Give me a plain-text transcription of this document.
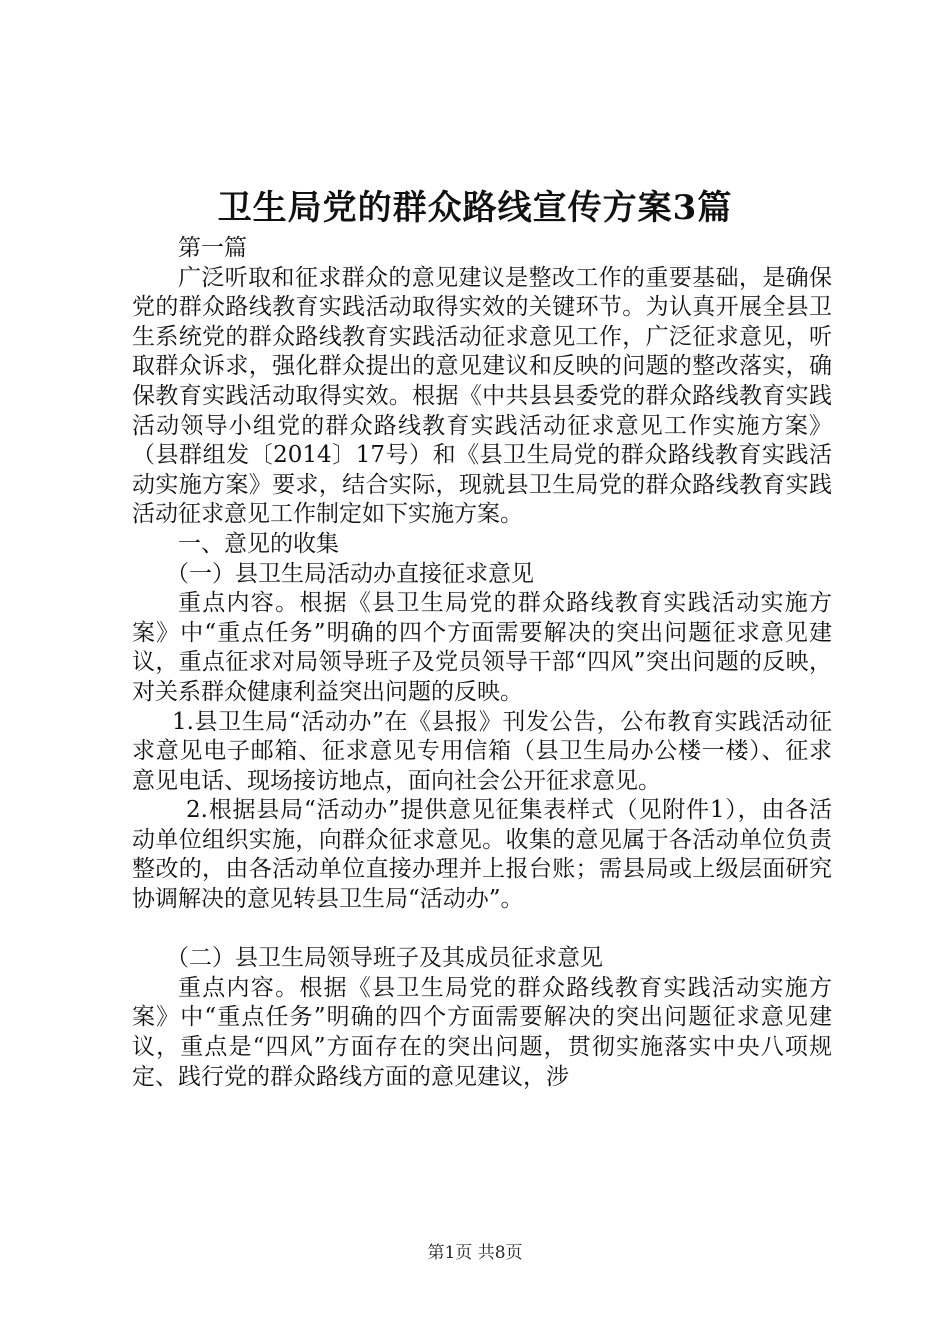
卫生局党的群众路线宣传方案3篇

第一篇

广泛听取和征求群众的意见建议是整改工作的重要基础，是确保党的群众路线教育实践活动取得实效的关键环节。为认真开展全县卫生系统党的群众路线教育实践活动征求意见工作，广泛征求意见，听取群众诉求，强化群众提出的意见建议和反映的问题的整改落实，确保教育实践活动取得实效。根据《中共县县委党的群众路线教育实践活动领导小组党的群众路线教育实践活动征求意见工作实施方案》（县群组发〔2014〕17号）和《县卫生局党的群众路线教育实践活动实施方案》要求，结合实际，现就县卫生局党的群众路线教育实践活动征求意见工作制定如下实施方案。

一、意见的收集

（一）县卫生局活动办直接征求意见

重点内容。根据《县卫生局党的群众路线教育实践活动实施方案》中“重点任务”明确的四个方面需要解决的突出问题征求意见建议，重点征求对局领导班子及党员领导干部“四风”突出问题的反映，对关系群众健康利益突出问题的反映。

1.县卫生局“活动办”在《县报》刊发公告，公布教育实践活动征求意见电子邮箱、征求意见专用信箱（县卫生局办公楼一楼）、征求意见电话、现场接访地点，面向社会公开征求意见。

2.根据县局“活动办”提供意见征集表样式（见附件1），由各活动单位组织实施，向群众征求意见。收集的意见属于各活动单位负责整改的，由各活动单位直接办理并上报台账；需县局或上级层面研究协调解决的意见转县卫生局“活动办”。

（二）县卫生局领导班子及其成员征求意见

重点内容。根据《县卫生局党的群众路线教育实践活动实施方案》中“重点任务”明确的四个方面需要解决的突出问题征求意见建议，重点是“四风”方面存在的突出问题，贯彻实施落实中央八项规定、践行党的群众路线方面的意见建议，涉

第1页 共8页
